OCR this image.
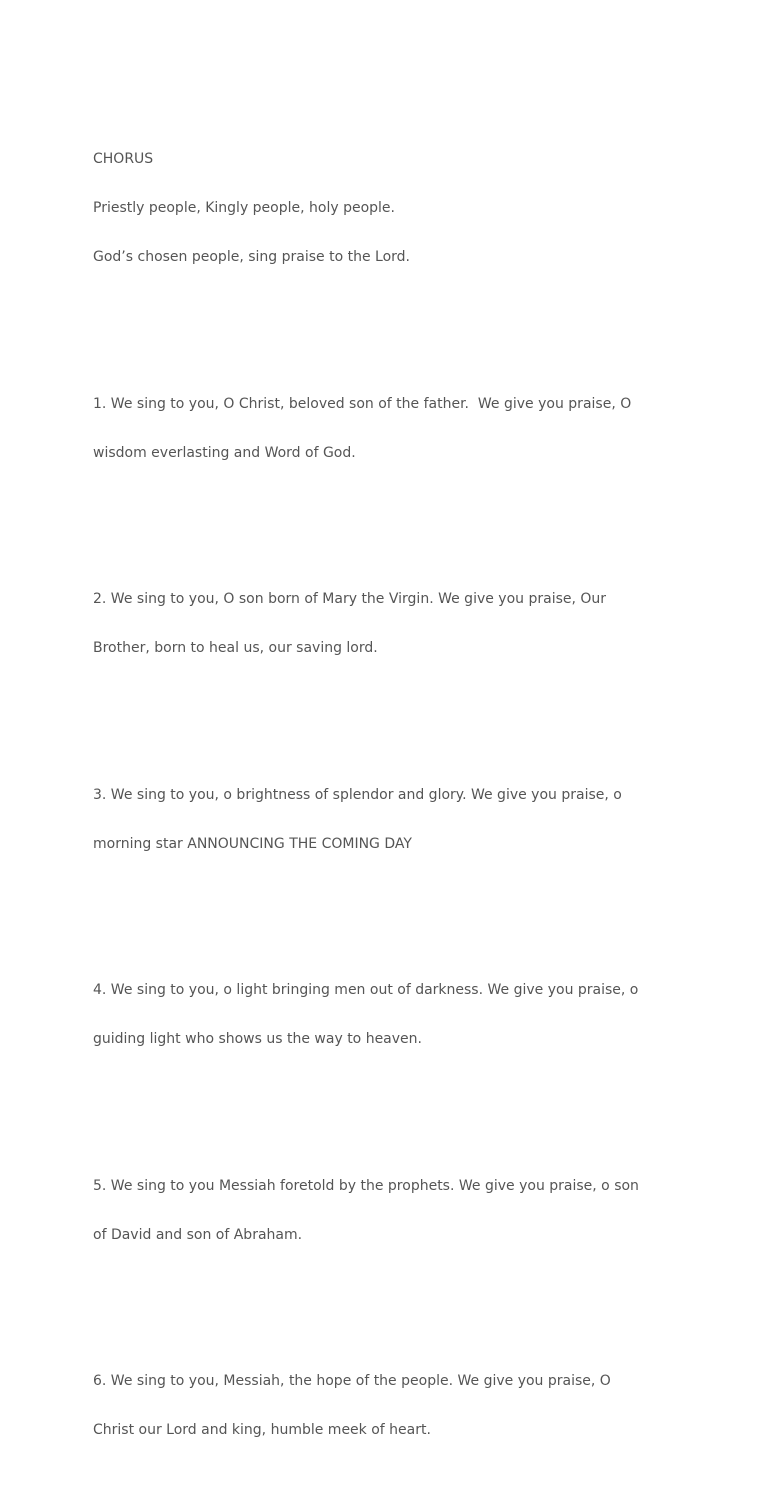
CHORUS

Priestly people, Kingly people, holy people.

God’s chosen people, sing praise to the Lord.

1. We sing to you, O Christ, beloved son of the father.  We give you praise, O

wisdom everlasting and Word of God.

2. We sing to you, O son born of Mary the Virgin. We give you praise, Our

Brother, born to heal us, our saving lord.

3. We sing to you, o brightness of splendor and glory. We give you praise, o

morning star ANNOUNCING THE COMING DAY

4. We sing to you, o light bringing men out of darkness. We give you praise, o

guiding light who shows us the way to heaven.

5. We sing to you Messiah foretold by the prophets. We give you praise, o son

of David and son of Abraham.

6. We sing to you, Messiah, the hope of the people. We give you praise, O

Christ our Lord and king, humble meek of heart.
